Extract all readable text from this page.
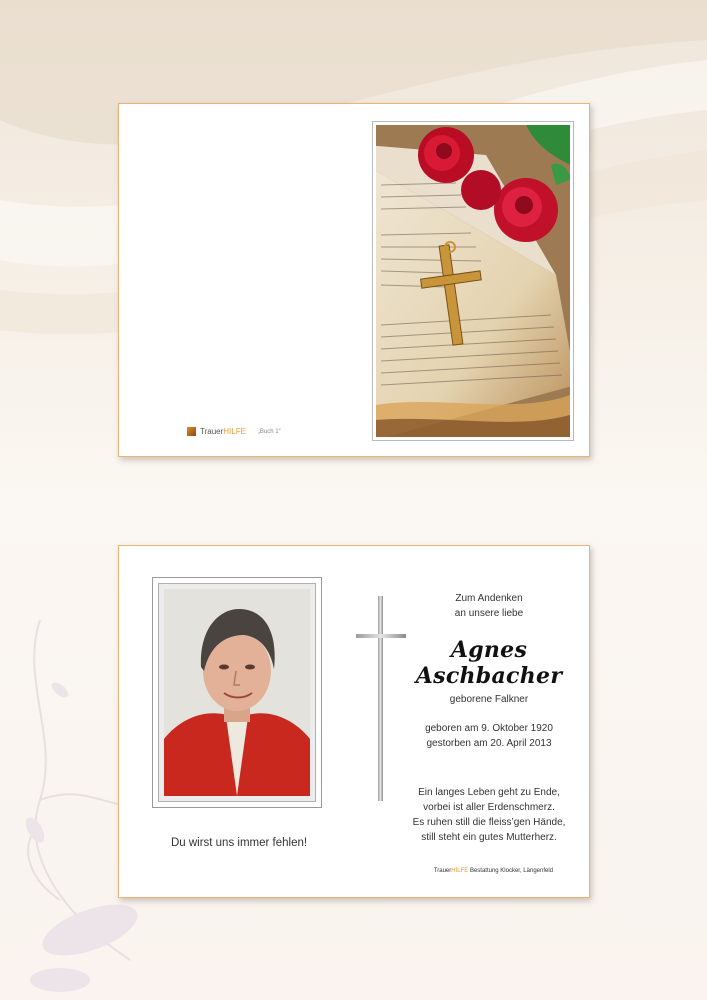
TrauerHILFE „Buch 1“
Du wirst uns immer fehlen!

Zum Andenken

an unsere liebe

Agnes Aschbacher

geborene Falkner

geboren am 9. Oktober 1920

gestorben am 20. April 2013

Ein langes Leben geht zu Ende,

vorbei ist aller Erdenschmerz.

Es ruhen still die fleiss’gen Hände,

still steht ein gutes Mutterherz.

TrauerHILFE Bestattung Klocker, Längenfeld
